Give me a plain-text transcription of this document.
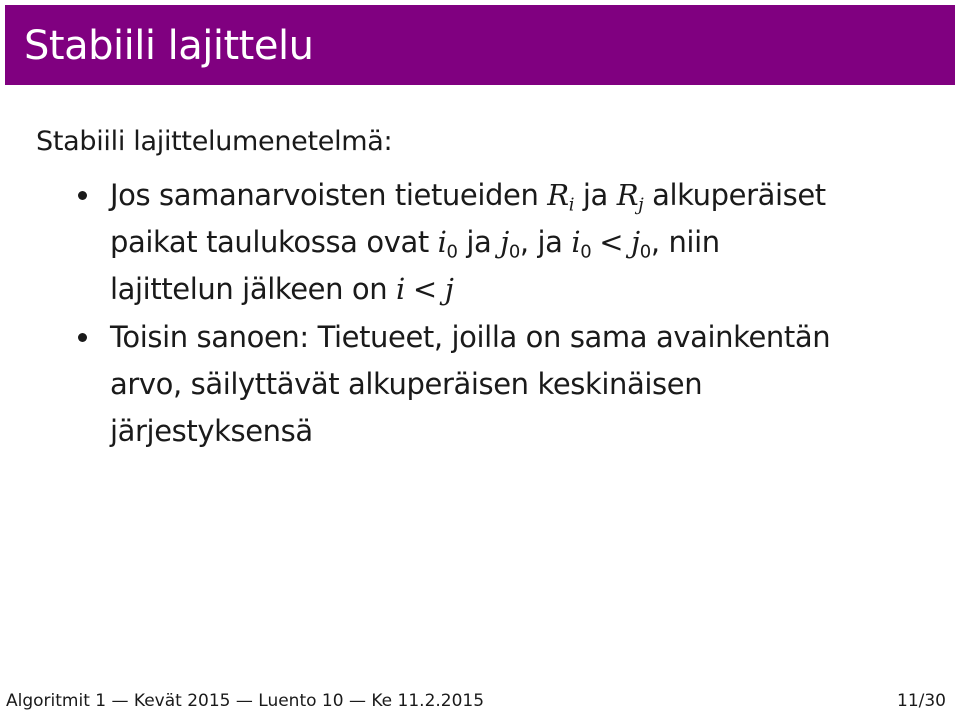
Stabiili lajittelu
Stabiili lajittelumenetelmä:
Jos samanarvoisten tietueiden $R_i$ ja $R_j$ alkuperäiset
paikat taulukossa ovat $i_0$ ja $j_0$, ja $i_0 < j_0$, niin
lajittelun jälkeen on i < j
Toisin sanoen: Tietueet, joilla on sama avainkentän
arvo, säilyttävät alkuperäisen keskinäisen
järjestyksensä
Algoritmit 1 — Kevät 2015 — Luento 10 — Ke 11.2.2015	11/30
